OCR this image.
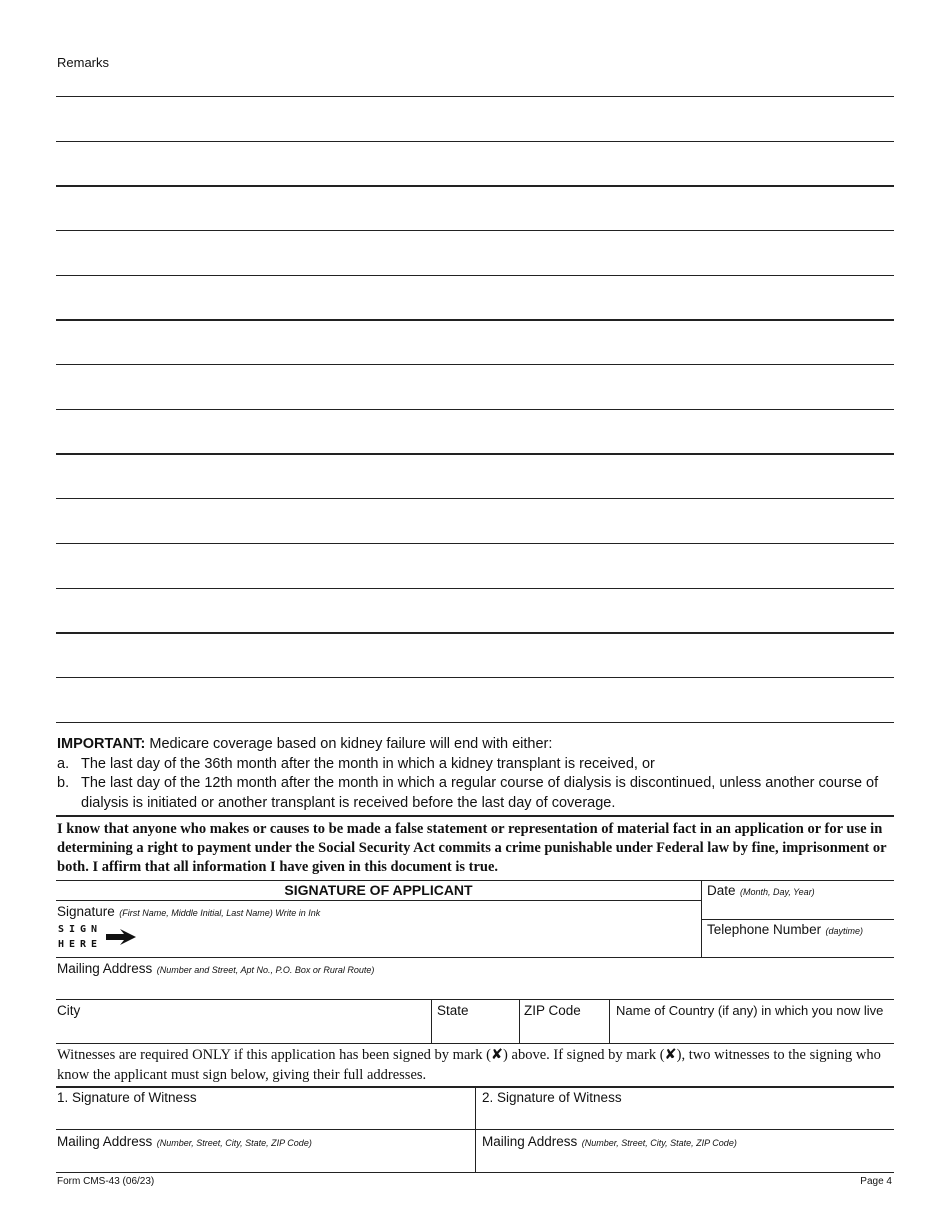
Remarks
IMPORTANT: Medicare coverage based on kidney failure will end with either:
a. The last day of the 36th month after the month in which a kidney transplant is received, or
b. The last day of the 12th month after the month in which a regular course of dialysis is discontinued, unless another course of dialysis is initiated or another transplant is received before the last day of coverage.
I know that anyone who makes or causes to be made a false statement or representation of material fact in an application or for use in determining a right to payment under the Social Security Act commits a crime punishable under Federal law by fine, imprisonment or both. I affirm that all information I have given in this document is true.
SIGNATURE OF APPLICANT
Signature (First Name, Middle Initial, Last Name) Write in Ink
SIGN
HERE
Date (Month, Day, Year)
Telephone Number (daytime)
Mailing Address (Number and Street, Apt No., P.O. Box or Rural Route)
City	State	ZIP Code	Name of Country (if any) in which you now live
Witnesses are required ONLY if this application has been signed by mark (✘) above. If signed by mark (✘), two witnesses to the signing who know the applicant must sign below, giving their full addresses.
1. Signature of Witness	2. Signature of Witness
Mailing Address (Number, Street, City, State, ZIP Code)	Mailing Address (Number, Street, City, State, ZIP Code)
Form CMS-43 (06/23)	Page 4
